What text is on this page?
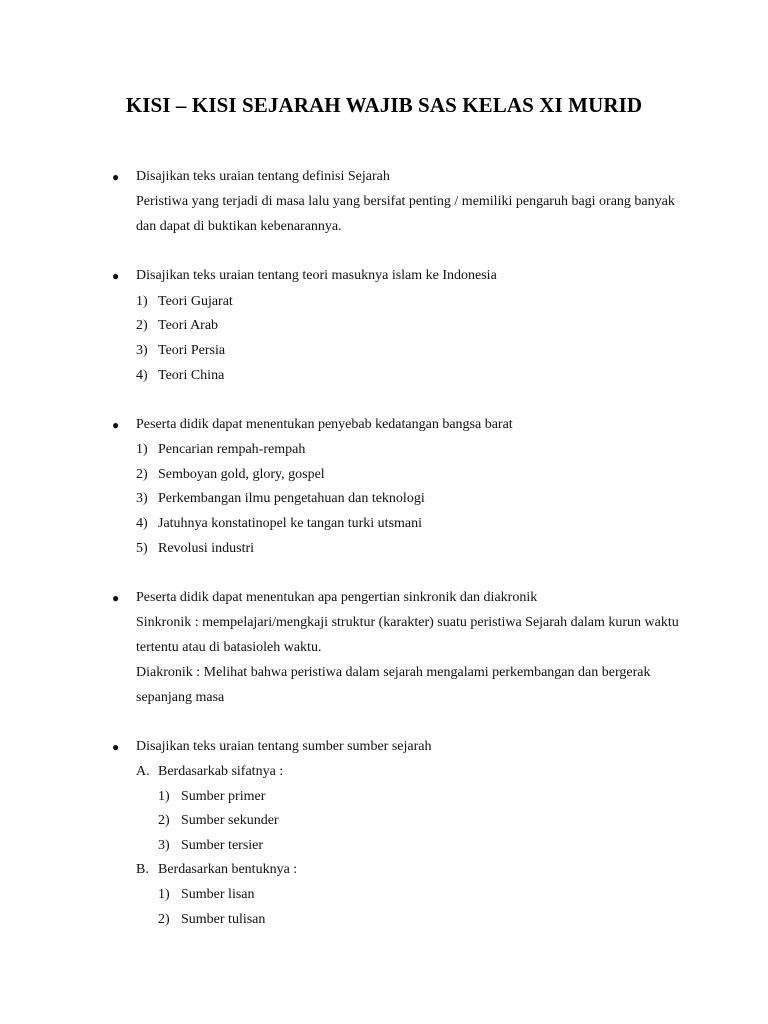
KISI – KISI SEJARAH WAJIB SAS KELAS XI MURID
● Disajikan teks uraian tentang definisi Sejarah
Peristiwa yang terjadi di masa lalu yang bersifat penting / memiliki pengaruh bagi orang banyak
dan dapat di buktikan kebenarannya.
● Disajikan teks uraian tentang teori masuknya islam ke Indonesia
1) Teori Gujarat
2) Teori Arab
3) Teori Persia
4) Teori China
● Peserta didik dapat menentukan penyebab kedatangan bangsa barat
1) Pencarian rempah-rempah
2) Semboyan gold, glory, gospel
3) Perkembangan ilmu pengetahuan dan teknologi
4) Jatuhnya konstatinopel ke tangan turki utsmani
5) Revolusi industri
● Peserta didik dapat menentukan apa pengertian sinkronik dan diakronik
Sinkronik : mempelajari/mengkaji struktur (karakter) suatu peristiwa Sejarah dalam kurun waktu
tertentu atau di batasioleh waktu.
Diakronik : Melihat bahwa peristiwa dalam sejarah mengalami perkembangan dan bergerak
sepanjang masa
● Disajikan teks uraian tentang sumber sumber sejarah
A. Berdasarkab sifatnya :
1) Sumber primer
2) Sumber sekunder
3) Sumber tersier
B. Berdasarkan bentuknya :
1) Sumber lisan
2) Sumber tulisan
